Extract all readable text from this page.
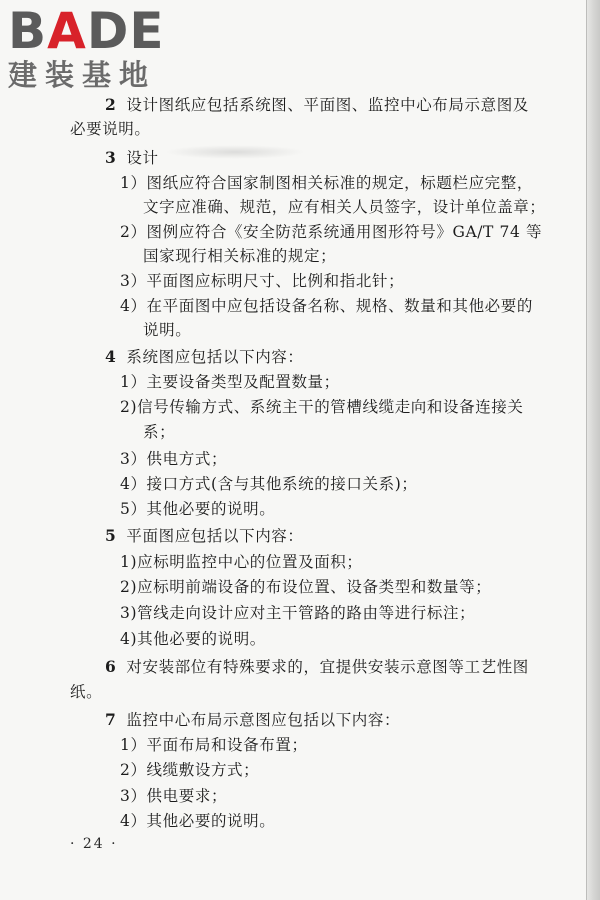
BADE
建装基地
2 设计图纸应包括系统图、平面图、监控中心布局示意图及
必要说明。
3 设计
1）图纸应符合国家制图相关标准的规定，标题栏应完整，
文字应准确、规范，应有相关人员签字，设计单位盖章；
2）图例应符合《安全防范系统通用图形符号》GA/T 74 等
国家现行相关标准的规定；
3）平面图应标明尺寸、比例和指北针；
4）在平面图中应包括设备名称、规格、数量和其他必要的
说明。
4 系统图应包括以下内容：
1）主要设备类型及配置数量；
2)信号传输方式、系统主干的管槽线缆走向和设备连接关
系；
3）供电方式；
4）接口方式(含与其他系统的接口关系)；
5）其他必要的说明。
5 平面图应包括以下内容：
1)应标明监控中心的位置及面积；
2)应标明前端设备的布设位置、设备类型和数量等；
3)管线走向设计应对主干管路的路由等进行标注；
4)其他必要的说明。
6 对安装部位有特殊要求的，宜提供安装示意图等工艺性图
纸。
7 监控中心布局示意图应包括以下内容：
1）平面布局和设备布置；
2）线缆敷设方式；
3）供电要求；
4）其他必要的说明。
· 24 ·
